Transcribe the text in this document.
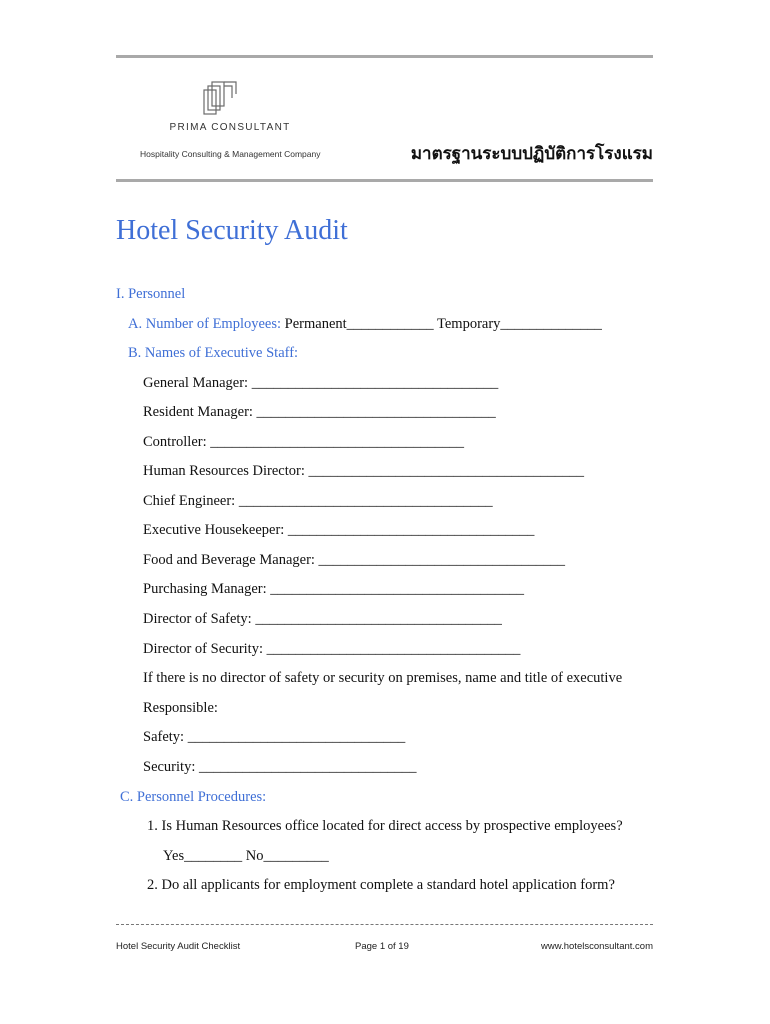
PRIMA CONSULTANT
Hospitality Consulting & Management Company	มาตรฐานระบบปฏิบัติการโรงแรม
Hotel Security Audit
I. Personnel
A. Number of Employees: Permanent____________ Temporary______________
B. Names of Executive Staff:
General Manager: __________________________________
Resident Manager: _________________________________
Controller: ___________________________________
Human Resources Director: ______________________________________
Chief Engineer: ___________________________________
Executive Housekeeper: __________________________________
Food and Beverage Manager: __________________________________
Purchasing Manager: ___________________________________
Director of Safety: __________________________________
Director of Security: ___________________________________
If there is no director of safety or security on premises, name and title of executive
Responsible:
Safety: ______________________________
Security: ______________________________
C. Personnel Procedures:
1. Is Human Resources office located for direct access by prospective employees?
Yes________ No_________
2. Do all applicants for employment complete a standard hotel application form?
Hotel Security Audit Checklist	Page 1 of 19	www.hotelsconsultant.com
